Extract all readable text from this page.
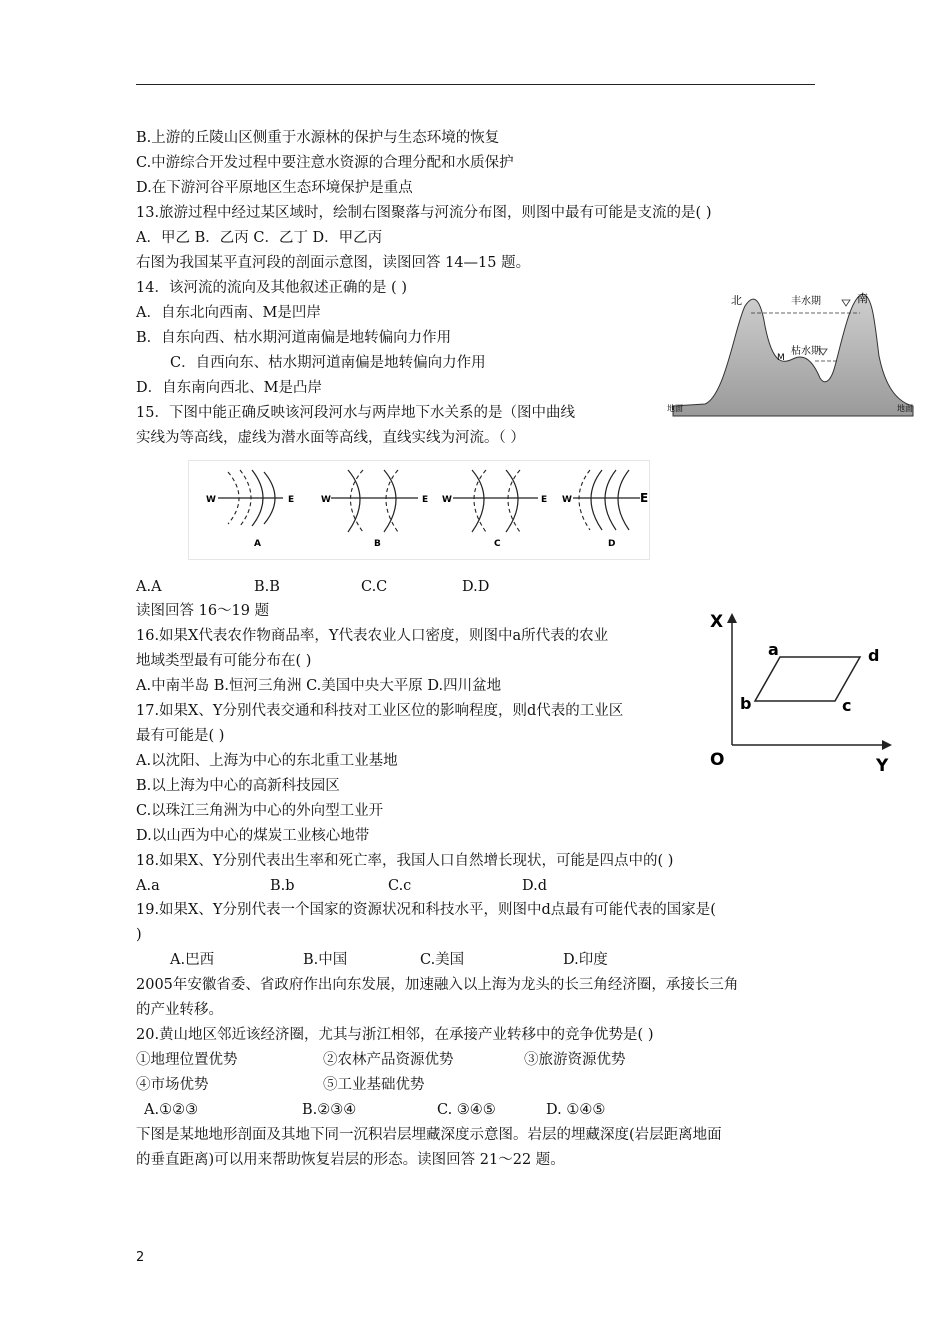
B.上游的丘陵山区侧重于水源林的保护与生态环境的恢复
C.中游综合开发过程中要注意水资源的合理分配和水质保护
D.在下游河谷平原地区生态环境保护是重点
13.旅游过程中经过某区域时，绘制右图聚落与河流分布图，则图中最有可能是支流的是( )
A．甲乙 B．乙丙 C．乙丁 D．甲乙丙
右图为我国某平直河段的剖面示意图，读图回答 14—15 题。
14．该河流的流向及其他叙述正确的是 ( )
A．自东北向西南、M是凹岸
B．自东向西、枯水期河道南偏是地转偏向力作用
C．自西向东、枯水期河道南偏是地转偏向力作用
D．自东南向西北、M是凸岸
15．下图中能正确反映该河段河水与两岸地下水关系的是（图中曲线
实线为等高线，虚线为潜水面等高线，直线实线为河流。（ ）
北	南
丰水期
枯水期
M
地面	地面
W	E
A
W	E
B
W	E
C
W	E
D
A.A	B.B	C.C	D.D
读图回答 16～19 题
16.如果X代表农作物商品率，Y代表农业人口密度，则图中a所代表的农业
地域类型最有可能分布在( )
A.中南半岛 B.恒河三角洲 C.美国中央大平原 D.四川盆地
17.如果X、Y分别代表交通和科技对工业区位的影响程度，则d代表的工业区
最有可能是( )
A.以沈阳、上海为中心的东北重工业基地
B.以上海为中心的高新科技园区
C.以珠江三角洲为中心的外向型工业开
D.以山西为中心的煤炭工业核心地带
X
O	Y
a	d
b	c
18.如果X、Y分别代表出生率和死亡率，我国人口自然增长现状，可能是四点中的( )
A.a	B.b	C.c	D.d
19.如果X、Y分别代表一个国家的资源状况和科技水平，则图中d点最有可能代表的国家是(
)
A.巴西	B.中国	C.美国	D.印度
2005年安徽省委、省政府作出向东发展，加速融入以上海为龙头的长三角经济圈，承接长三角
的产业转移。
20.黄山地区邻近该经济圈，尤其与浙江相邻，在承接产业转移中的竞争优势是( )
①地理位置优势	②农林产品资源优势	③旅游资源优势
④市场优势	⑤工业基础优势
A.①②③	B.②③④	C. ③④⑤	D. ①④⑤
下图是某地地形剖面及其地下同一沉积岩层埋藏深度示意图。岩层的埋藏深度(岩层距离地面
的垂直距离)可以用来帮助恢复岩层的形态。读图回答 21～22 题。
2
